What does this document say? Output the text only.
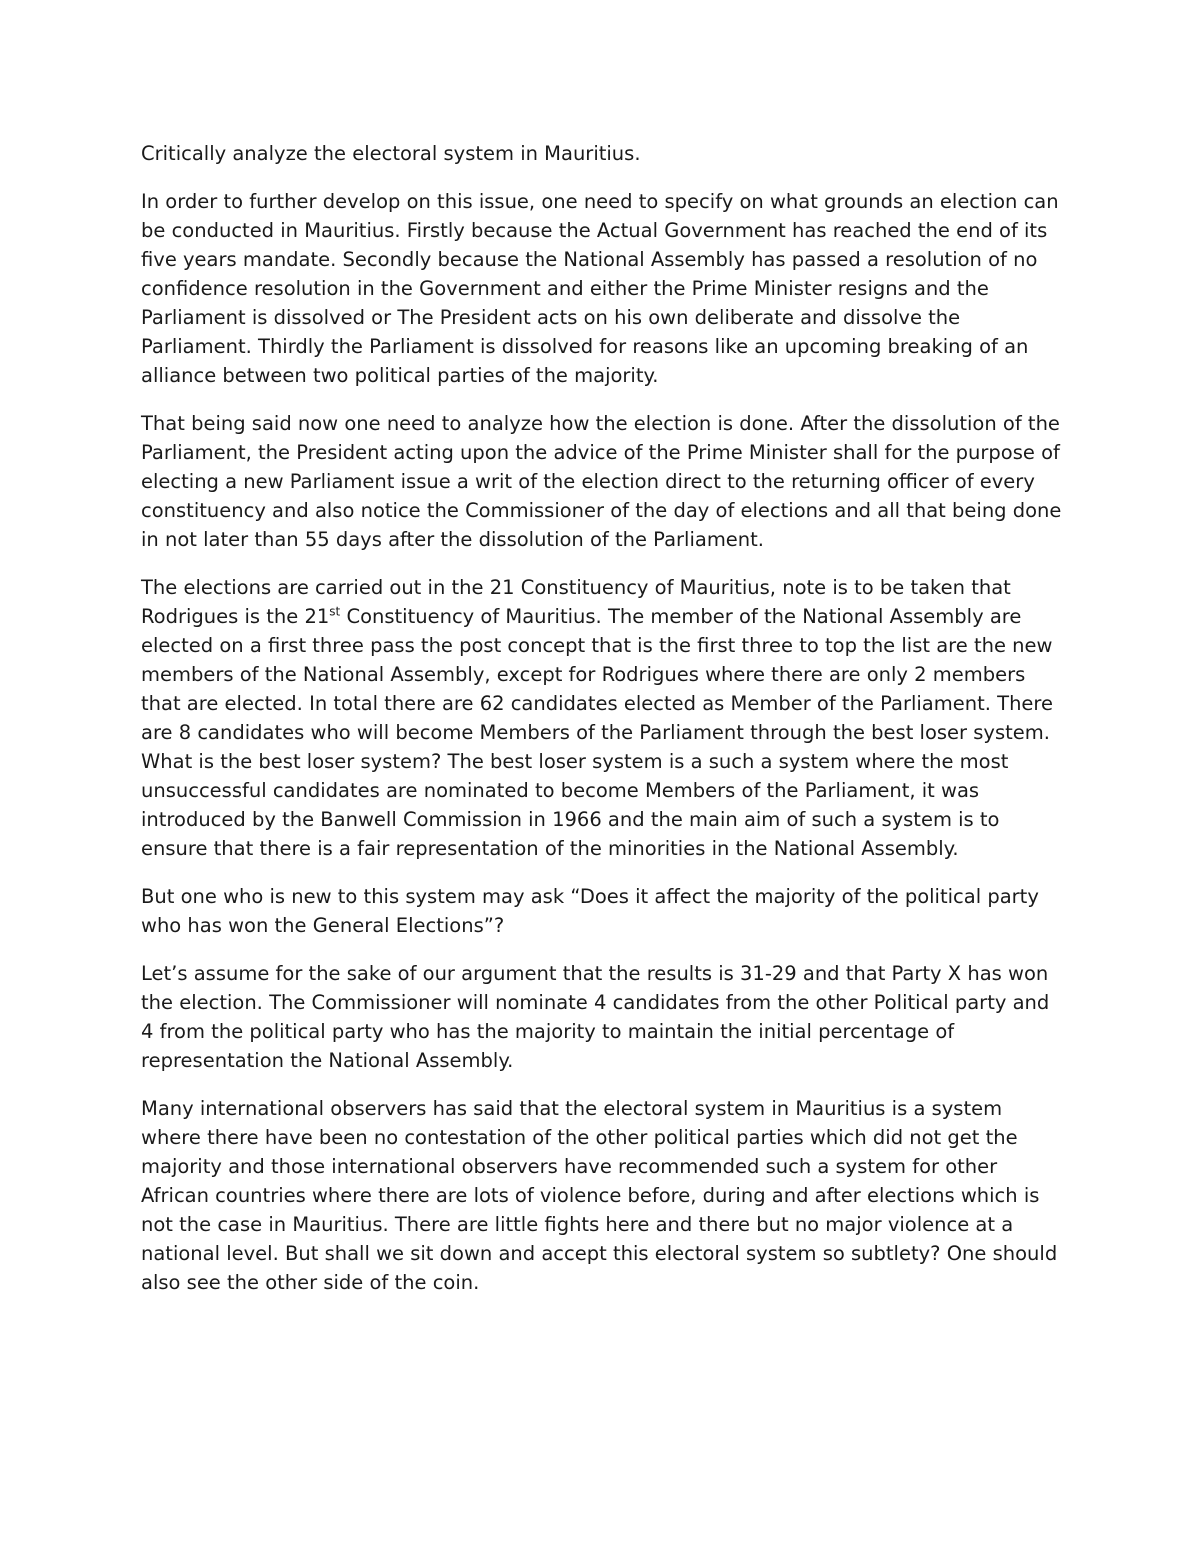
Critically analyze the electoral system in Mauritius.

In order to further develop on this issue, one need to specify on what grounds an election can be conducted in Mauritius. Firstly because the Actual Government has reached the end of its five years mandate. Secondly because the National Assembly has passed a resolution of no confidence resolution in the Government and either the Prime Minister resigns and the Parliament is dissolved or The President acts on his own deliberate and dissolve the Parliament. Thirdly the Parliament is dissolved for reasons like an upcoming breaking of an alliance between two political parties of the majority.

That being said now one need to analyze how the election is done. After the dissolution of the Parliament, the President acting upon the advice of the Prime Minister shall for the purpose of electing a new Parliament issue a writ of the election direct to the returning officer of every constituency and also notice the Commissioner of the day of elections and all that being done in not later than 55 days after the dissolution of the Parliament.

The elections are carried out in the 21 Constituency of Mauritius, note is to be taken that Rodrigues is the 21st Constituency of Mauritius. The member of the National Assembly are elected on a first three pass the post concept that is the first three to top the list are the new members of the National Assembly, except for Rodrigues where there are only 2 members that are elected. In total there are 62 candidates elected as Member of the Parliament. There are 8 candidates who will become Members of the Parliament through the best loser system. What is the best loser system? The best loser system is a such a system where the most unsuccessful candidates are nominated to become Members of the Parliament, it was introduced by the Banwell Commission in 1966 and the main aim of such a system is to ensure that there is a fair representation of the minorities in the National Assembly.

But one who is new to this system may ask “Does it affect the majority of the political party who has won the General Elections”?

Let’s assume for the sake of our argument that the results is 31-29 and that Party X has won the election. The Commissioner will nominate 4 candidates from the other Political party and 4 from the political party who has the majority to maintain the initial percentage of representation the National Assembly.

Many international observers has said that the electoral system in Mauritius is a system where there have been no contestation of the other political parties which did not get the majority and those international observers have recommended such a system for other African countries where there are lots of violence before, during and after elections which is not the case in Mauritius. There are little fights here and there but no major violence at a national level. But shall we sit down and accept this electoral system so subtlety? One should also see the other side of the coin.
